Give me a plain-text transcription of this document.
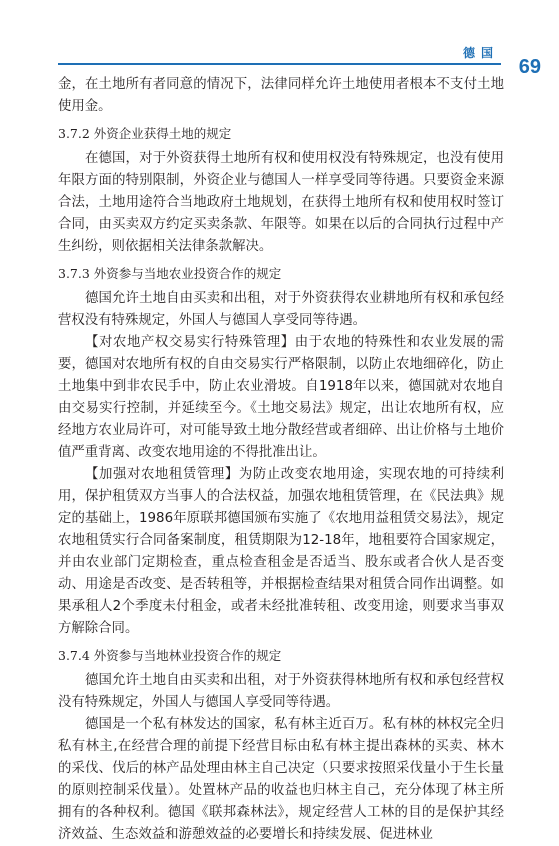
德国
69

金，在土地所有者同意的情况下，法律同样允许土地使用者根本不支付土地使用金。

3.7.2 外资企业获得土地的规定

在德国，对于外资获得土地所有权和使用权没有特殊规定，也没有使用年限方面的特别限制，外资企业与德国人一样享受同等待遇。只要资金来源合法，土地用途符合当地政府土地规划，在获得土地所有权和使用权时签订合同，由买卖双方约定买卖条款、年限等。如果在以后的合同执行过程中产生纠纷，则依据相关法律条款解决。

3.7.3 外资参与当地农业投资合作的规定

德国允许土地自由买卖和出租，对于外资获得农业耕地所有权和承包经营权没有特殊规定，外国人与德国人享受同等待遇。

【对农地产权交易实行特殊管理】由于农地的特殊性和农业发展的需要，德国对农地所有权的自由交易实行严格限制，以防止农地细碎化，防止土地集中到非农民手中，防止农业滑坡。自1918年以来，德国就对农地自由交易实行控制，并延续至今。《土地交易法》规定，出让农地所有权，应经地方农业局许可，对可能导致土地分散经营或者细碎、出让价格与土地价值严重背离、改变农地用途的不得批准出让。

【加强对农地租赁管理】为防止改变农地用途，实现农地的可持续利用，保护租赁双方当事人的合法权益，加强农地租赁管理，在《民法典》规定的基础上，1986年原联邦德国颁布实施了《农地用益租赁交易法》，规定农地租赁实行合同备案制度，租赁期限为12-18年，地租要符合国家规定，并由农业部门定期检查，重点检查租金是否适当、股东或者合伙人是否变动、用途是否改变、是否转租等，并根据检查结果对租赁合同作出调整。如果承租人2个季度未付租金，或者未经批准转租、改变用途，则要求当事双方解除合同。

3.7.4 外资参与当地林业投资合作的规定

德国允许土地自由买卖和出租，对于外资获得林地所有权和承包经营权没有特殊规定，外国人与德国人享受同等待遇。

德国是一个私有林发达的国家，私有林主近百万。私有林的林权完全归私有林主,在经营合理的前提下经营目标由私有林主提出森林的买卖、林木的采伐、伐后的林产品处理由林主自己决定（只要求按照采伐量小于生长量的原则控制采伐量）。处置林产品的收益也归林主自己，充分体现了林主所拥有的各种权利。德国《联邦森林法》，规定经营人工林的目的是保护其经济效益、生态效益和游憩效益的必要增长和持续发展、促进林业
